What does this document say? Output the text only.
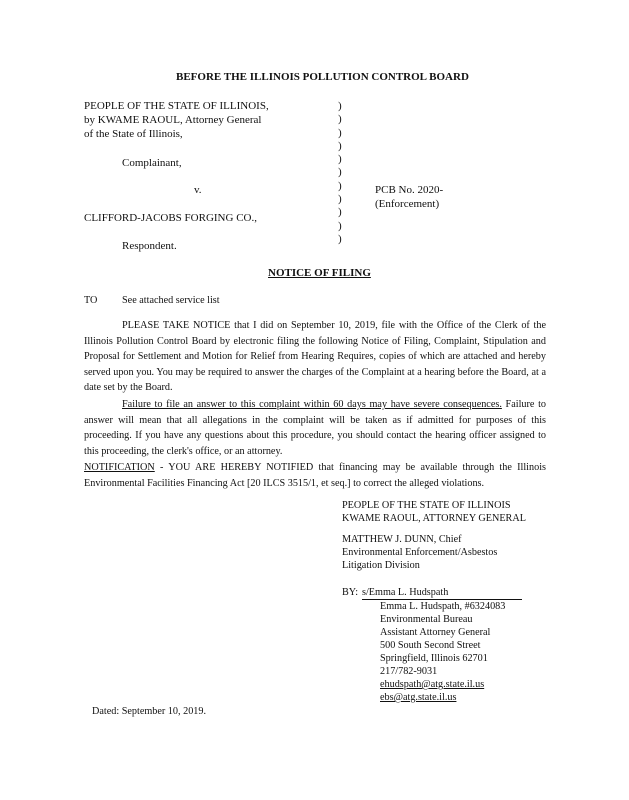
BEFORE THE ILLINOIS POLLUTION CONTROL BOARD
PEOPLE OF THE STATE OF ILLINOIS,
by KWAME RAOUL, Attorney General
of the State of Illinois,
Complainant,
v.
CLIFFORD-JACOBS FORGING CO.,
Respondent.
)
)
)
)
)
)
)
)
)
)
)
PCB No. 2020-
(Enforcement)
NOTICE OF FILING
TO See attached service list
PLEASE TAKE NOTICE that I did on September 10, 2019, file with the Office of the Clerk of the Illinois Pollution Control Board by electronic filing the following Notice of Filing, Complaint, Stipulation and Proposal for Settlement and Motion for Relief from Hearing Requires, copies of which are attached and hereby served upon you. You may be required to answer the charges of the Complaint at a hearing before the Board, at a date set by the Board.
Failure to file an answer to this complaint within 60 days may have severe consequences. Failure to answer will mean that all allegations in the complaint will be taken as if admitted for purposes of this proceeding. If you have any questions about this procedure, you should contact the hearing officer assigned to this proceeding, the clerk's office, or an attorney.
NOTIFICATION - YOU ARE HEREBY NOTIFIED that financing may be available through the Illinois Environmental Facilities Financing Act [20 ILCS 3515/1, et seq.] to correct the alleged violations.
PEOPLE OF THE STATE OF ILLINOIS
KWAME RAOUL, ATTORNEY GENERAL
MATTHEW J. DUNN, Chief
Environmental Enforcement/Asbestos
Litigation Division
BY: s/Emma L. Hudspath
Emma L. Hudspath, #6324083
Environmental Bureau
Assistant Attorney General
500 South Second Street
Springfield, Illinois 62701
217/782-9031
ehudspath@atg.state.il.us
ebs@atg.state.il.us
Dated: September 10, 2019.
